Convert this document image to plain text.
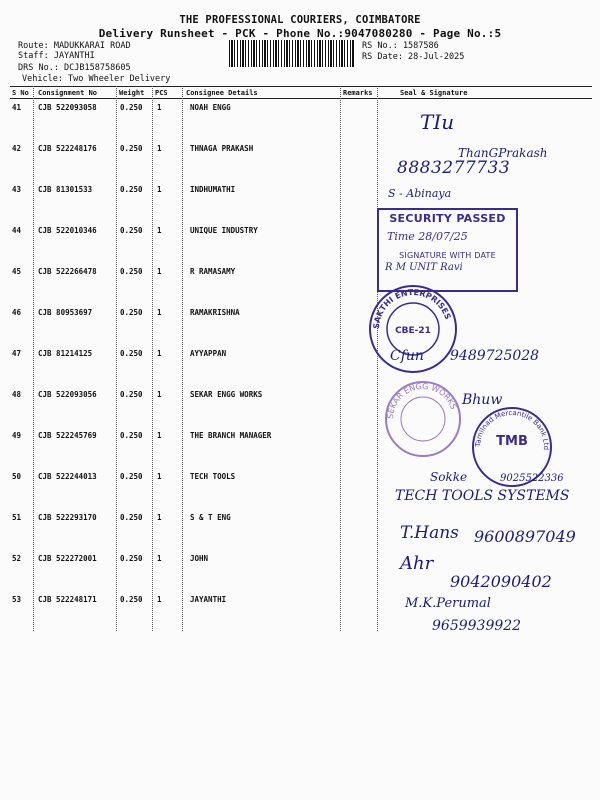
THE PROFESSIONAL COURIERS, COIMBATORE
Delivery Runsheet - PCK - Phone No.:9047080280 - Page No.:5
Route: MADUKKARAI ROAD
Staff: JAYANTHI
DRS No.: DCJB158758605
Vehicle: Two Wheeler Delivery
RS No.: 1587586
RS Date: 28-Jul-2025
S No Consignment No	Weight PCS	Consignee Details	Remarks	Seal & Signature
41 CJB 522093058	0.250 1	NOAH ENGG
42 CJB 522248176	0.250 1	THNAGA PRAKASH
43 CJB 81301533	0.250 1	INDHUMATHI
44 CJB 522010346	0.250 1	UNIQUE INDUSTRY
45 CJB 522266478	0.250 1	R RAMASAMY
46 CJB 80953697	0.250 1	RAMAKRISHNA
47 CJB 81214125	0.250 1	AYYAPPAN
48 CJB 522093056	0.250 1	SEKAR ENGG WORKS
49 CJB 522245769	0.250 1	THE BRANCH MANAGER
50 CJB 522244013	0.250 1	TECH TOOLS
51 CJB 522293170	0.250 1	S & T ENG
52 CJB 522272001	0.250 1	JOHN
53 CJB 522248171	0.250 1	JAYANTHI
TIu
ThanGPrakash
8883277733
S - Abinaya
SECURITY PASSED
Time 28/07/25
SIGNATURE WITH DATE
R M UNIT Ravi
SAKTHI ENTERPRISES
CBE-21
Cfun 9489725028
SEKAR ENGG WORKS Bhuw
Tamilnad Mercantile Bank Ltd
TMB
Sokke	9025522336
TECH TOOLS SYSTEMS
T.Hans 9600897049
Ahr
9042090402
M.K.Perumal
9659939922
